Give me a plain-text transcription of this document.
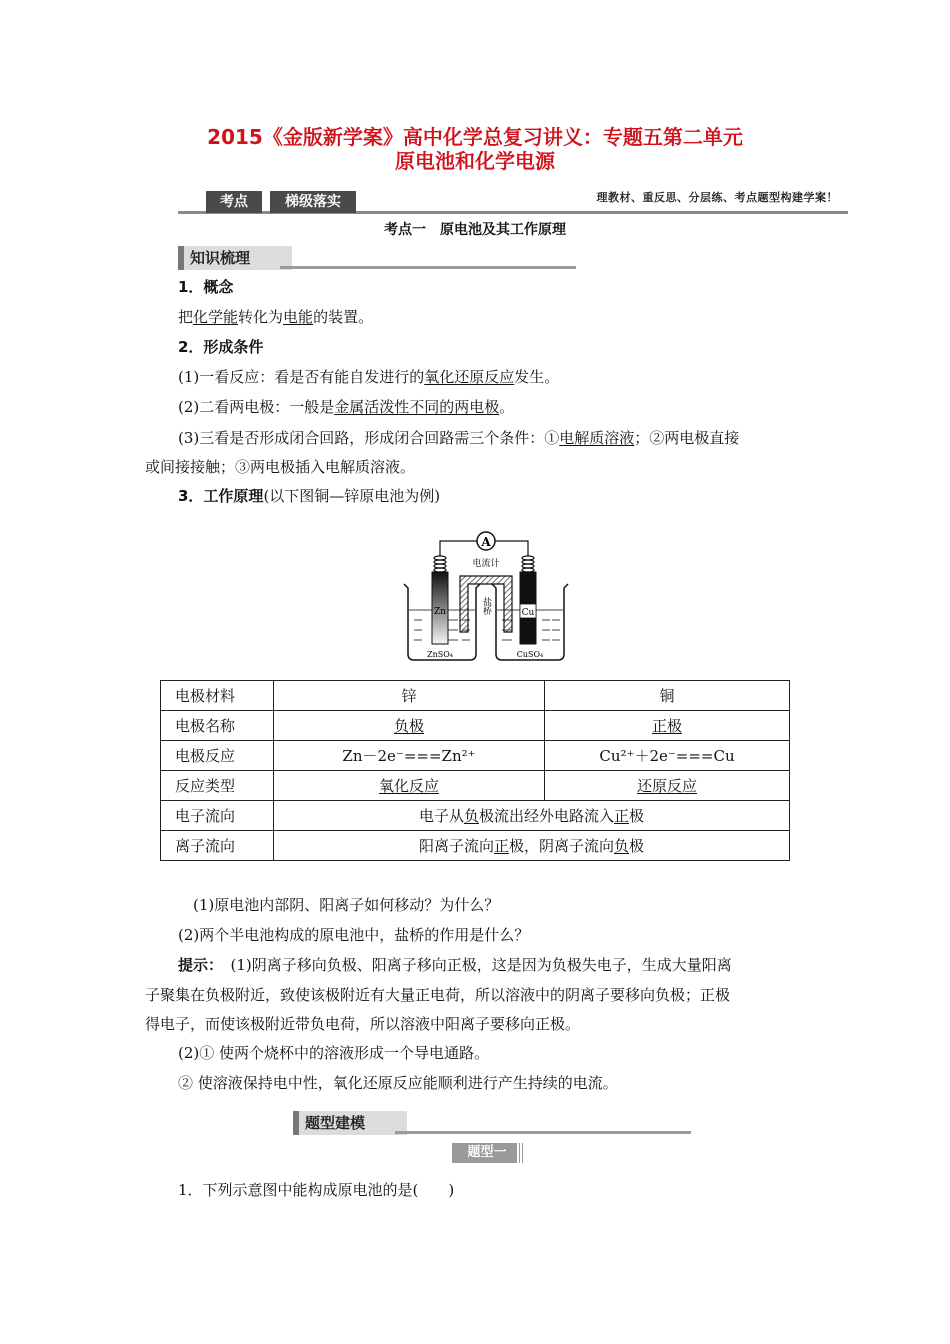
2015《金版新学案》高中化学总复习讲义：专题五第二单元
原电池和化学电源
考点	梯级落实	理教材、重反思、分层练、考点题型构建学案！
考点一　原电池及其工作原理
知识梳理
1．概念
把化学能转化为电能的装置。
2．形成条件
(1)一看反应：看是否有能自发进行的氧化还原反应发生。
(2)二看两电极：一般是金属活泼性不同的两电极。
(3)三看是否形成闭合回路，形成闭合回路需三个条件：①电解质溶液；②两电极直接
或间接接触；③两电极插入电解质溶液。
3．工作原理(以下图铜—锌原电池为例)
A
电流计
Zn	Cu
盐桥
ZnSO₄	CuSO₄
电极材料	锌	铜
电极名称	负极	正极
电极反应	Zn－2e⁻===Zn²⁺	Cu²⁺＋2e⁻===Cu
反应类型	氧化反应	还原反应
电子流向	电子从负极流出经外电路流入正极	
离子流向	阳离子流向正极，阴离子流向负极	
(1)原电池内部阴、阳离子如何移动？为什么？
(2)两个半电池构成的原电池中，盐桥的作用是什么？
提示：　(1)阴离子移向负极、阳离子移向正极，这是因为负极失电子，生成大量阳离
子聚集在负极附近，致使该极附近有大量正电荷，所以溶液中的阴离子要移向负极；正极
得电子，而使该极附近带负电荷，所以溶液中阳离子要移向正极。
(2)① 使两个烧杯中的溶液形成一个导电通路。
② 使溶液保持电中性，氧化还原反应能顺利进行产生持续的电流。
题型建模
题型一
1．下列示意图中能构成原电池的是(　　)
